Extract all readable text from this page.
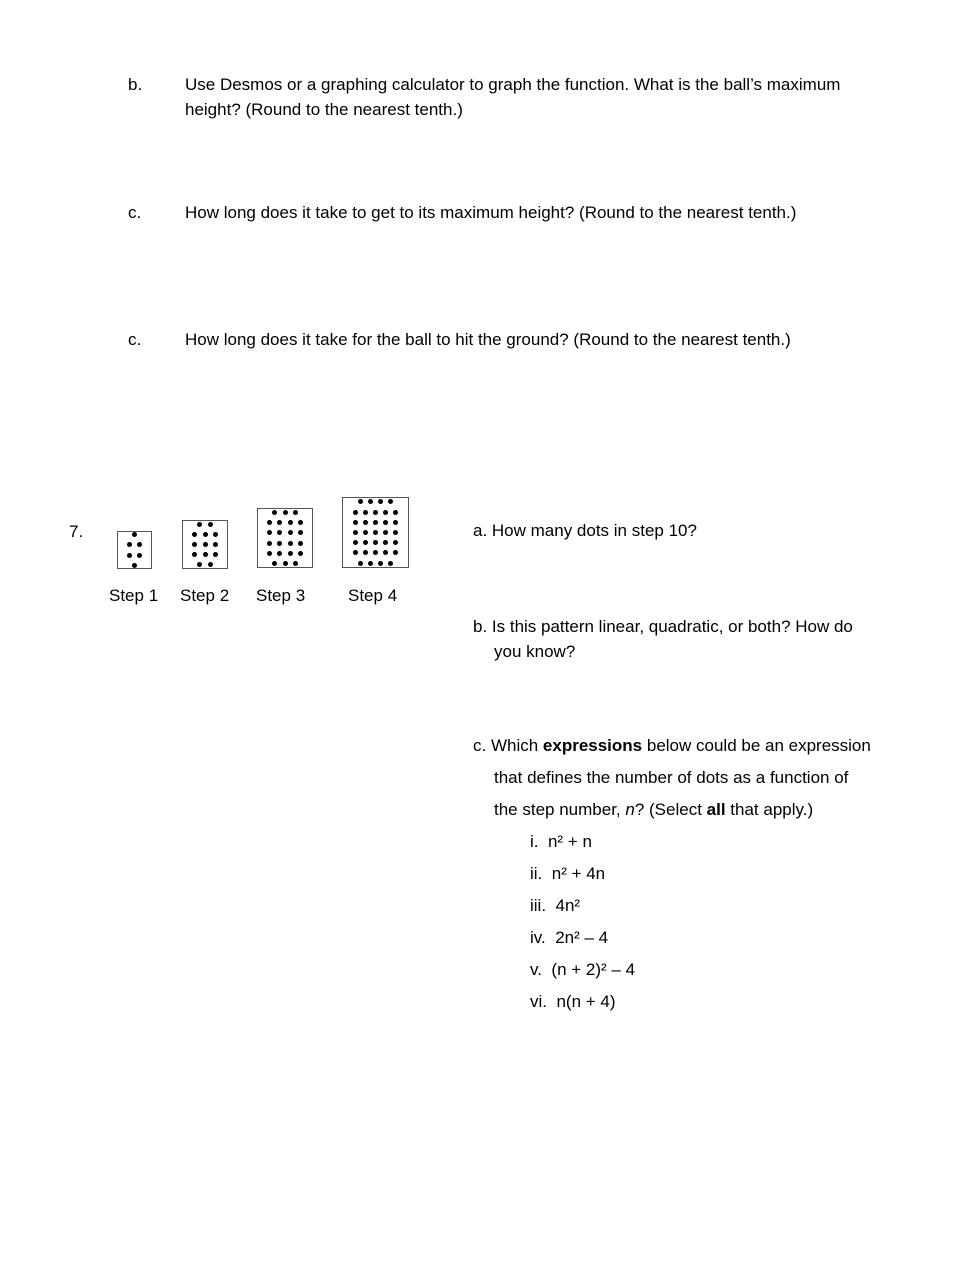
b.	Use Desmos or a graphing calculator to graph the function. What is the ball’s maximum height? (Round to the nearest tenth.)
c.	How long does it take to get to its maximum height? (Round to the nearest tenth.)
c.	How long does it take for the ball to hit the ground? (Round to the nearest tenth.)
7.
Step 1 Step 2 Step 3	Step 4
a. How many dots in step 10?
b. Is this pattern linear, quadratic, or both? How do
you know?
c. Which expressions below could be an expression
that defines the number of dots as a function of
the step number, n? (Select all that apply.)
i. n² + n
ii. n² + 4n
iii. 4n²
iv. 2n² – 4
v. (n + 2)² – 4
vi. n(n + 4)
